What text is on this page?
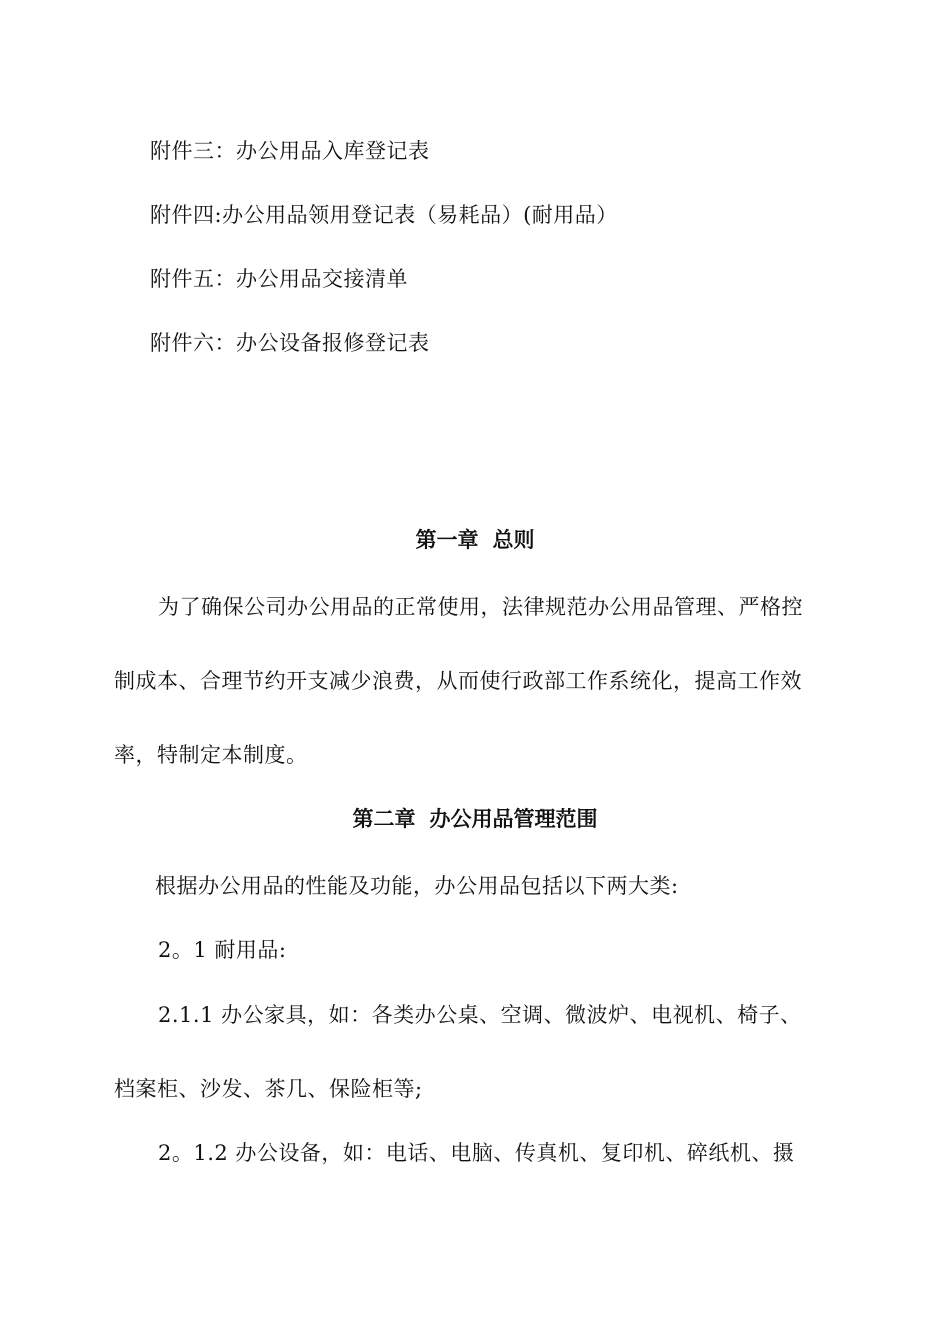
附件三：办公用品入库登记表
附件四:办公用品领用登记表（易耗品）(耐用品）
附件五：办公用品交接清单
附件六：办公设备报修登记表
第一章 总则
为了确保公司办公用品的正常使用，法律规范办公用品管理、严格控
制成本、合理节约开支减少浪费，从而使行政部工作系统化，提高工作效
率，特制定本制度。
第二章 办公用品管理范围
根据办公用品的性能及功能，办公用品包括以下两大类:
2。1 耐用品:
2.1.1 办公家具，如：各类办公桌、空调、微波炉、电视机、椅子、
档案柜、沙发、茶几、保险柜等;
2。1.2 办公设备，如：电话、电脑、传真机、复印机、碎纸机、摄
